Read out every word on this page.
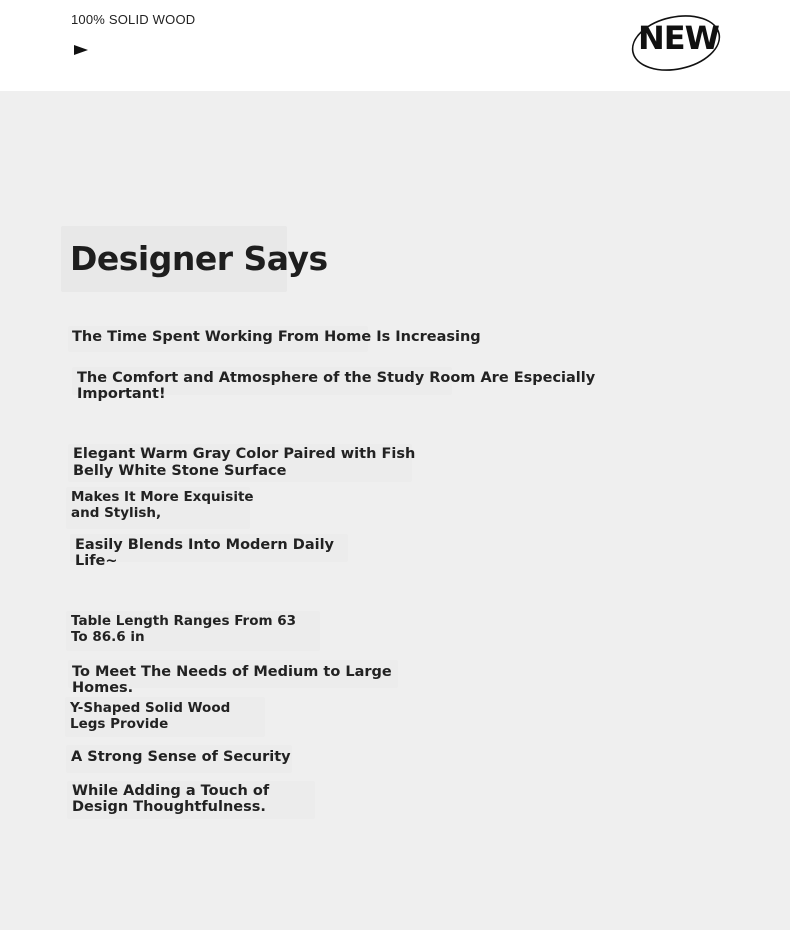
100% SOLID WOOD	NEW
Designer Says
The Time Spent Working From Home Is Increasing
The Comfort and Atmosphere of the Study Room Are Especially Important!
Elegant Warm Gray Color Paired with Fish Belly White Stone Surface
Makes It More Exquisite and Stylish,
Easily Blends Into Modern Daily Life~
Table Length Ranges From 63 To 86.6 in
To Meet The Needs of Medium to Large Homes.
Y-Shaped Solid Wood Legs Provide
A Strong Sense of Security
While Adding a Touch of Design Thoughtfulness.
